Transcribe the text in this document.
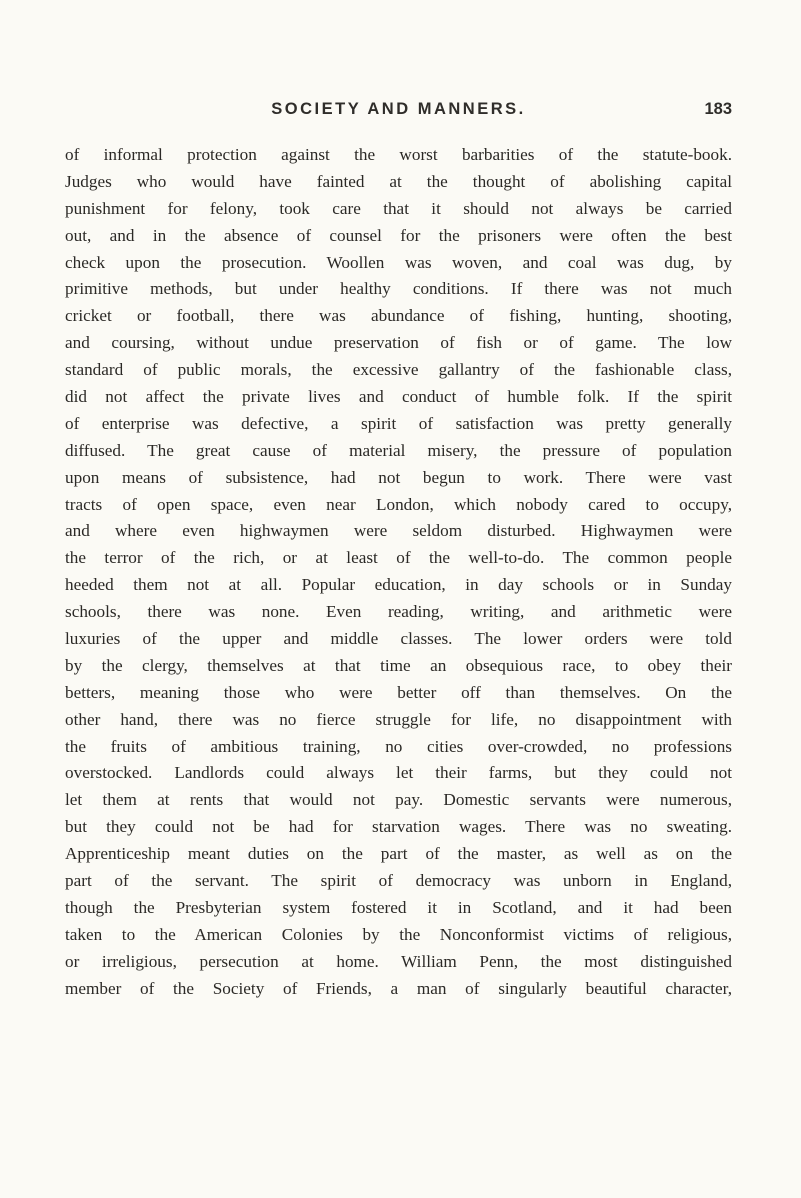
SOCIETY AND MANNERS.	183
of informal protection against the worst barbarities of the statute-book.
Judges who would have fainted at the thought of abolishing capital
punishment for felony, took care that it should not always be carried
out, and in the absence of counsel for the prisoners were often the best
check upon the prosecution. Woollen was woven, and coal was dug, by
primitive methods, but under healthy conditions. If there was not much
cricket or football, there was abundance of fishing, hunting, shooting,
and coursing, without undue preservation of fish or of game. The low
standard of public morals, the excessive gallantry of the fashionable class,
did not affect the private lives and conduct of humble folk. If the spirit
of enterprise was defective, a spirit of satisfaction was pretty generally
diffused. The great cause of material misery, the pressure of population
upon means of subsistence, had not begun to work. There were vast
tracts of open space, even near London, which nobody cared to occupy,
and where even highwaymen were seldom disturbed. Highwaymen were
the terror of the rich, or at least of the well-to-do. The common people
heeded them not at all. Popular education, in day schools or in Sunday
schools, there was none. Even reading, writing, and arithmetic were
luxuries of the upper and middle classes. The lower orders were told
by the clergy, themselves at that time an obsequious race, to obey their
betters, meaning those who were better off than themselves. On the
other hand, there was no fierce struggle for life, no disappointment with
the fruits of ambitious training, no cities over-crowded, no professions
overstocked. Landlords could always let their farms, but they could not
let them at rents that would not pay. Domestic servants were numerous,
but they could not be had for starvation wages. There was no sweating.
Apprenticeship meant duties on the part of the master, as well as on the
part of the servant. The spirit of democracy was unborn in England,
though the Presbyterian system fostered it in Scotland, and it had been
taken to the American Colonies by the Nonconformist victims of religious,
or irreligious, persecution at home. William Penn, the most distinguished
member of the Society of Friends, a man of singularly beautiful character,
